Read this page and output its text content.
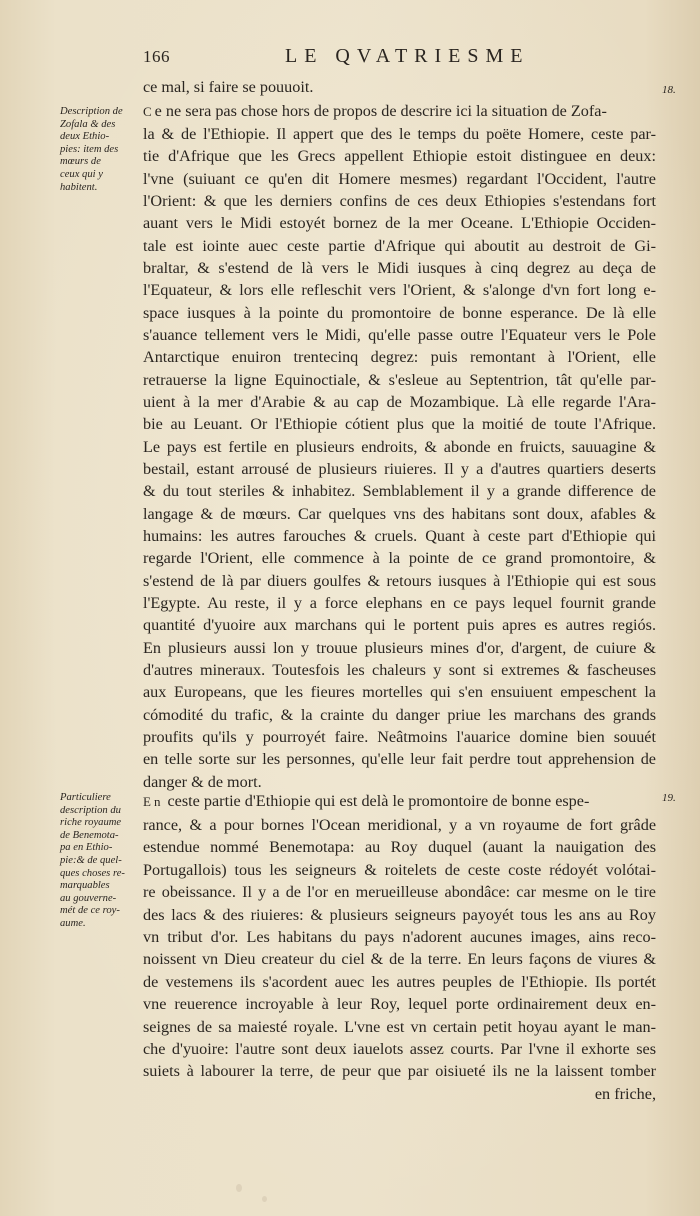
166	LE QVATRIESME
18.
19.
Description de
Zofala & des
deux Ethio-
pies: item des
mœurs de
ceux qui y
habitent.
Particuliere
description du
riche royaume
de Benemota-
pa en Ethio-
pie:& de quel-
ques choses re-
marquables
au gouverne-
mét de ce roy-
aume.
ce mal, si faire se pouuoit.
Ce ne sera pas chose hors de propos de descrire ici la situation de Zofa-
la & de l'Ethiopie. Il appert que des le temps du poëte Homere, ceste par-
tie d'Afrique que les Grecs appellent Ethiopie estoit distinguee en deux:
l'vne (suiuant ce qu'en dit Homere mesmes) regardant l'Occident, l'autre
l'Orient: & que les derniers confins de ces deux Ethiopies s'estendans fort
auant vers le Midi estoyét bornez de la mer Oceane. L'Ethiopie Occiden-
tale est iointe auec ceste partie d'Afrique qui aboutit au destroit de Gi-
braltar, & s'estend de là vers le Midi iusques à cinq degrez au deça de
l'Equateur, & lors elle refleschit vers l'Orient, & s'alonge d'vn fort long e-
space iusques à la pointe du promontoire de bonne esperance. De là elle
s'auance tellement vers le Midi, qu'elle passe outre l'Equateur vers le Pole
Antarctique enuiron trentecinq degrez: puis remontant à l'Orient, elle
retrauerse la ligne Equinoctiale, & s'esleue au Septentrion, tât qu'elle par-
uient à la mer d'Arabie & au cap de Mozambique. Là elle regarde l'Ara-
bie au Leuant. Or l'Ethiopie cótient plus que la moitié de toute l'Afrique.
Le pays est fertile en plusieurs endroits, & abonde en fruicts, sauuagine &
bestail, estant arrousé de plusieurs riuieres. Il y a d'autres quartiers deserts
& du tout steriles & inhabitez. Semblablement il y a grande difference de
langage & de mœurs. Car quelques vns des habitans sont doux, afables &
humains: les autres farouches & cruels. Quant à ceste part d'Ethiopie qui
regarde l'Orient, elle commence à la pointe de ce grand promontoire, &
s'estend de là par diuers goulfes & retours iusques à l'Ethiopie qui est sous
l'Egypte. Au reste, il y a force elephans en ce pays lequel fournit grande
quantité d'yuoire aux marchans qui le portent puis apres es autres regiós.
En plusieurs aussi lon y trouue plusieurs mines d'or, d'argent, de cuiure &
d'autres mineraux. Toutesfois les chaleurs y sont si extremes & fascheuses
aux Europeans, que les fieures mortelles qui s'en ensuiuent empeschent la
cómodité du trafic, & la crainte du danger priue les marchans des grands
proufits qu'ils y pourroyét faire. Neâtmoins l'auarice domine bien souuét
en telle sorte sur les personnes, qu'elle leur fait perdre tout apprehension de
danger & de mort.
En ceste partie d'Ethiopie qui est delà le promontoire de bonne espe-
rance, & a pour bornes l'Ocean meridional, y a vn royaume de fort grâde
estendue nommé Benemotapa: au Roy duquel (auant la nauigation des
Portugallois) tous les seigneurs & roitelets de ceste coste rédoyét volótai-
re obeissance. Il y a de l'or en merueilleuse abondâce: car mesme on le tire
des lacs & des riuieres: & plusieurs seigneurs payoyét tous les ans au Roy
vn tribut d'or. Les habitans du pays n'adorent aucunes images, ains reco-
noissent vn Dieu createur du ciel & de la terre. En leurs façons de viures &
de vestemens ils s'acordent auec les autres peuples de l'Ethiopie. Ils portét
vne reuerence incroyable à leur Roy, lequel porte ordinairement deux en-
seignes de sa maiesté royale. L'vne est vn certain petit hoyau ayant le man-
che d'yuoire: l'autre sont deux iauelots assez courts. Par l'vne il exhorte ses
suiets à labourer la terre, de peur que par oisiueté ils ne la laissent tomber
en friche,
